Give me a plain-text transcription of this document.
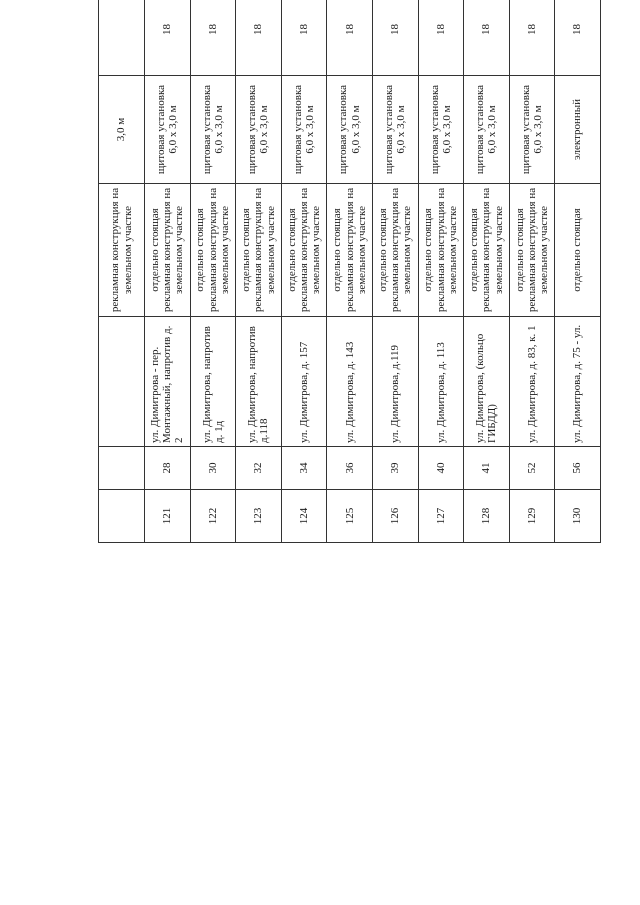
			рекламная конструкция на земельном участке	3,0 м				
121	28	ул. Димитрова - пер. Монтажный, напротив д. 2	отдельно стоящая рекламная конструкция на земельном участке	щитовая установка 6,0 х 3,0 м	18			
122	30	ул. Димитрова, напротив д. 1д	отдельно стоящая рекламная конструкция на земельном участке	щитовая установка 6,0 х 3,0 м	18			
123	32	ул. Димитрова, напротив д.118	отдельно стоящая рекламная конструкция на земельном участке	щитовая установка 6,0 х 3,0 м	18			
124	34	ул. Димитрова, д. 157	отдельно стоящая рекламная конструкция на земельном участке	щитовая установка 6,0 х 3,0 м	18			
125	36	ул. Димитрова, д. 143	отдельно стоящая рекламная конструкция на земельном участке	щитовая установка 6,0 х 3,0 м	18			
126	39	ул. Димитрова, д.119	отдельно стоящая рекламная конструкция на земельном участке	щитовая установка 6,0 х 3,0 м	18			
127	40	ул. Димитрова, д. 113	отдельно стоящая рекламная конструкция на земельном участке	щитовая установка 6,0 х 3,0 м	18			
128	41	ул. Димитрова, (кольцо ГИБДД)	отдельно стоящая рекламная конструкция на земельном участке	щитовая установка 6,0 х 3,0 м	18			
129	52	ул. Димитрова, д. 83, к. 1	отдельно стоящая рекламная конструкция на земельном участке	щитовая установка 6,0 х 3,0 м	18			
130	56	ул. Димитрова, д. 75 - ул.	отдельно стоящая	электронный	18			
